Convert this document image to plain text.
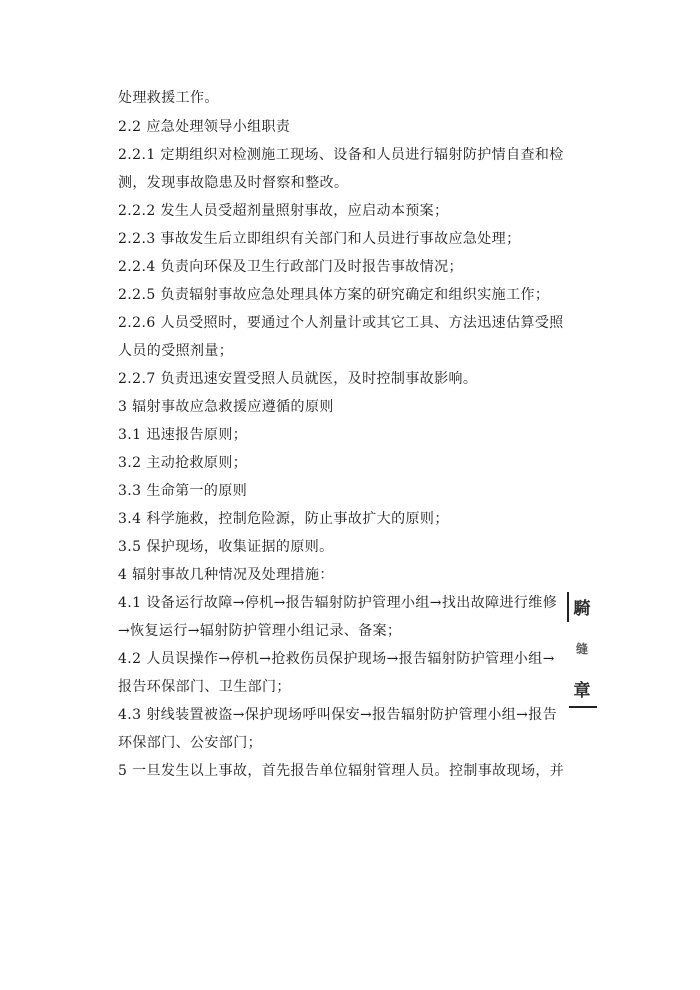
处理救援工作。
2.2 应急处理领导小组职责
2.2.1 定期组织对检测施工现场、设备和人员进行辐射防护情自查和检
测，发现事故隐患及时督察和整改。
2.2.2 发生人员受超剂量照射事故，应启动本预案；
2.2.3 事故发生后立即组织有关部门和人员进行事故应急处理；
2.2.4 负责向环保及卫生行政部门及时报告事故情况；
2.2.5 负责辐射事故应急处理具体方案的研究确定和组织实施工作；
2.2.6 人员受照时，要通过个人剂量计或其它工具、方法迅速估算受照
人员的受照剂量；
2.2.7 负责迅速安置受照人员就医，及时控制事故影响。
3 辐射事故应急救援应遵循的原则
3.1 迅速报告原则；
3.2 主动抢救原则；
3.3 生命第一的原则
3.4 科学施救，控制危险源，防止事故扩大的原则；
3.5 保护现场，收集证据的原则。
4 辐射事故几种情况及处理措施：
4.1 设备运行故障→停机→报告辐射防护管理小组→找出故障进行维修
→恢复运行→辐射防护管理小组记录、备案；
4.2 人员误操作→停机→抢救伤员保护现场→报告辐射防护管理小组→
报告环保部门、卫生部门；
4.3 射线装置被盗→保护现场呼叫保安→报告辐射防护管理小组→报告
环保部门、公安部门；
5 一旦发生以上事故，首先报告单位辐射管理人员。控制事故现场，并
騎
缝
章
